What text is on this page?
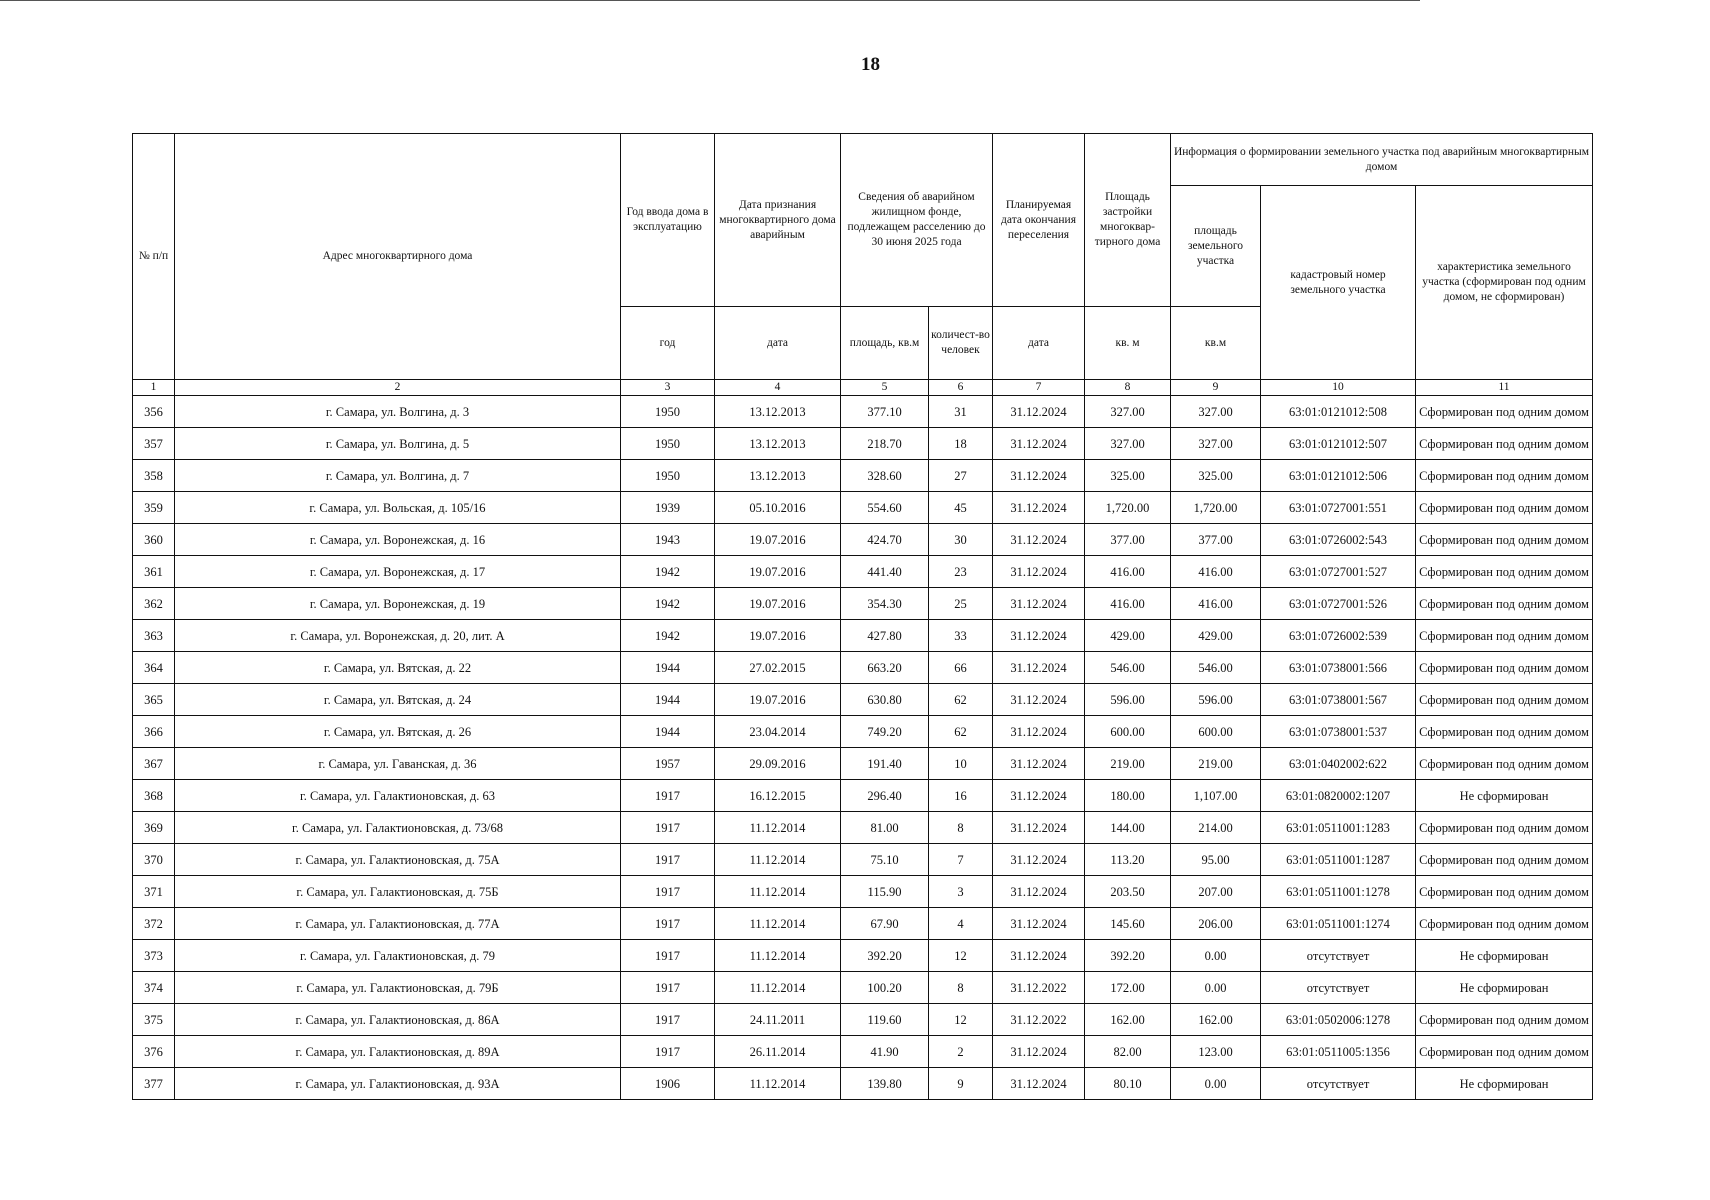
18
№ п/п	Адрес многоквартирного дома	Год ввода дома в эксплуатацию	Дата признания многоквартирного дома аварийным	Сведения об аварийном жилищном фонде, подлежащем расселению до 30 июня 2025 года		Планируемая дата окончания переселения	Площадь застройки многоквар-тирного дома	Информация о формировании земельного участка под аварийным многоквартирным домом		
								площадь земельного участка	кадастровый номер земельного участка	характеристика земельного участка (сформирован под одним домом, не сформирован)
		год	дата	площадь, кв.м	количест-во человек	дата	кв. м	кв.м		
1	2	3	4	5	6	7	8	9	10	11
356	г. Самара, ул. Волгина, д. 3	1950	13.12.2013	377.10	31	31.12.2024	327.00	327.00	63:01:0121012:508	Сформирован под одним домом
357	г. Самара, ул. Волгина, д. 5	1950	13.12.2013	218.70	18	31.12.2024	327.00	327.00	63:01:0121012:507	Сформирован под одним домом
358	г. Самара, ул. Волгина, д. 7	1950	13.12.2013	328.60	27	31.12.2024	325.00	325.00	63:01:0121012:506	Сформирован под одним домом
359	г. Самара, ул. Вольская, д. 105/16	1939	05.10.2016	554.60	45	31.12.2024	1,720.00	1,720.00	63:01:0727001:551	Сформирован под одним домом
360	г. Самара, ул. Воронежская, д. 16	1943	19.07.2016	424.70	30	31.12.2024	377.00	377.00	63:01:0726002:543	Сформирован под одним домом
361	г. Самара, ул. Воронежская, д. 17	1942	19.07.2016	441.40	23	31.12.2024	416.00	416.00	63:01:0727001:527	Сформирован под одним домом
362	г. Самара, ул. Воронежская, д. 19	1942	19.07.2016	354.30	25	31.12.2024	416.00	416.00	63:01:0727001:526	Сформирован под одним домом
363	г. Самара, ул. Воронежская, д. 20, лит. А	1942	19.07.2016	427.80	33	31.12.2024	429.00	429.00	63:01:0726002:539	Сформирован под одним домом
364	г. Самара, ул. Вятская, д. 22	1944	27.02.2015	663.20	66	31.12.2024	546.00	546.00	63:01:0738001:566	Сформирован под одним домом
365	г. Самара, ул. Вятская, д. 24	1944	19.07.2016	630.80	62	31.12.2024	596.00	596.00	63:01:0738001:567	Сформирован под одним домом
366	г. Самара, ул. Вятская, д. 26	1944	23.04.2014	749.20	62	31.12.2024	600.00	600.00	63:01:0738001:537	Сформирован под одним домом
367	г. Самара, ул. Гаванская, д. 36	1957	29.09.2016	191.40	10	31.12.2024	219.00	219.00	63:01:0402002:622	Сформирован под одним домом
368	г. Самара, ул. Галактионовская, д. 63	1917	16.12.2015	296.40	16	31.12.2024	180.00	1,107.00	63:01:0820002:1207	Не сформирован
369	г. Самара, ул. Галактионовская, д. 73/68	1917	11.12.2014	81.00	8	31.12.2024	144.00	214.00	63:01:0511001:1283	Сформирован под одним домом
370	г. Самара, ул. Галактионовская, д. 75А	1917	11.12.2014	75.10	7	31.12.2024	113.20	95.00	63:01:0511001:1287	Сформирован под одним домом
371	г. Самара, ул. Галактионовская, д. 75Б	1917	11.12.2014	115.90	3	31.12.2024	203.50	207.00	63:01:0511001:1278	Сформирован под одним домом
372	г. Самара, ул. Галактионовская, д. 77А	1917	11.12.2014	67.90	4	31.12.2024	145.60	206.00	63:01:0511001:1274	Сформирован под одним домом
373	г. Самара, ул. Галактионовская, д. 79	1917	11.12.2014	392.20	12	31.12.2024	392.20	0.00	отсутствует	Не сформирован
374	г. Самара, ул. Галактионовская, д. 79Б	1917	11.12.2014	100.20	8	31.12.2022	172.00	0.00	отсутствует	Не сформирован
375	г. Самара, ул. Галактионовская, д. 86А	1917	24.11.2011	119.60	12	31.12.2022	162.00	162.00	63:01:0502006:1278	Сформирован под одним домом
376	г. Самара, ул. Галактионовская, д. 89А	1917	26.11.2014	41.90	2	31.12.2024	82.00	123.00	63:01:0511005:1356	Сформирован под одним домом
377	г. Самара, ул. Галактионовская, д. 93А	1906	11.12.2014	139.80	9	31.12.2024	80.10	0.00	отсутствует	Не сформирован
